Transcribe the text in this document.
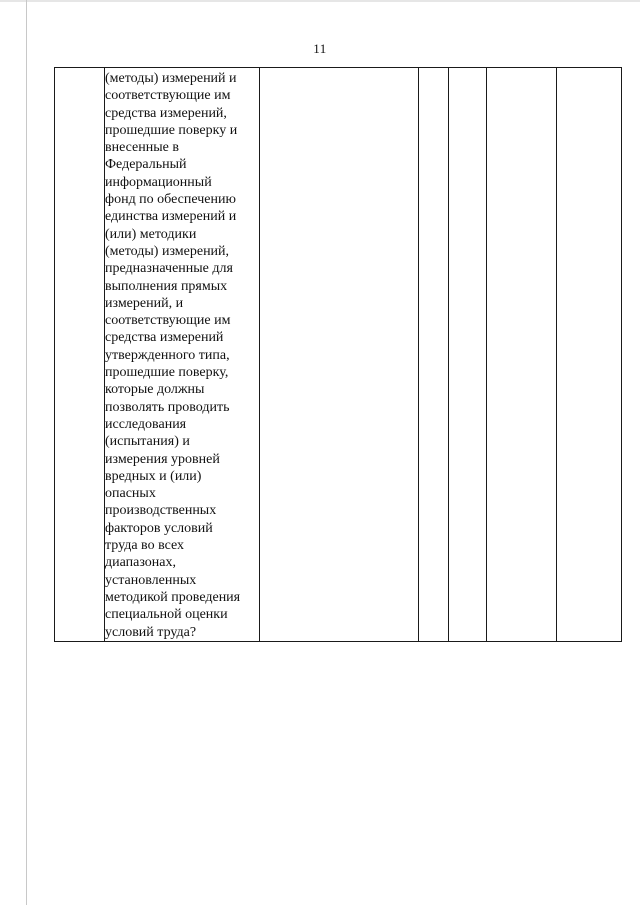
11

(методы) измерений и
соответствующие им
средства измерений,
прошедшие поверку и
внесенные в
Федеральный
информационный
фонд по обеспечению
единства измерений и
(или) методики
(методы) измерений,
предназначенные для
выполнения прямых
измерений, и
соответствующие им
средства измерений
утвержденного типа,
прошедшие поверку,
которые должны
позволять проводить
исследования
(испытания) и
измерения уровней
вредных и (или)
опасных
производственных
факторов условий
труда во всех
диапазонах,
установленных
методикой проведения
специальной оценки
условий труда?
